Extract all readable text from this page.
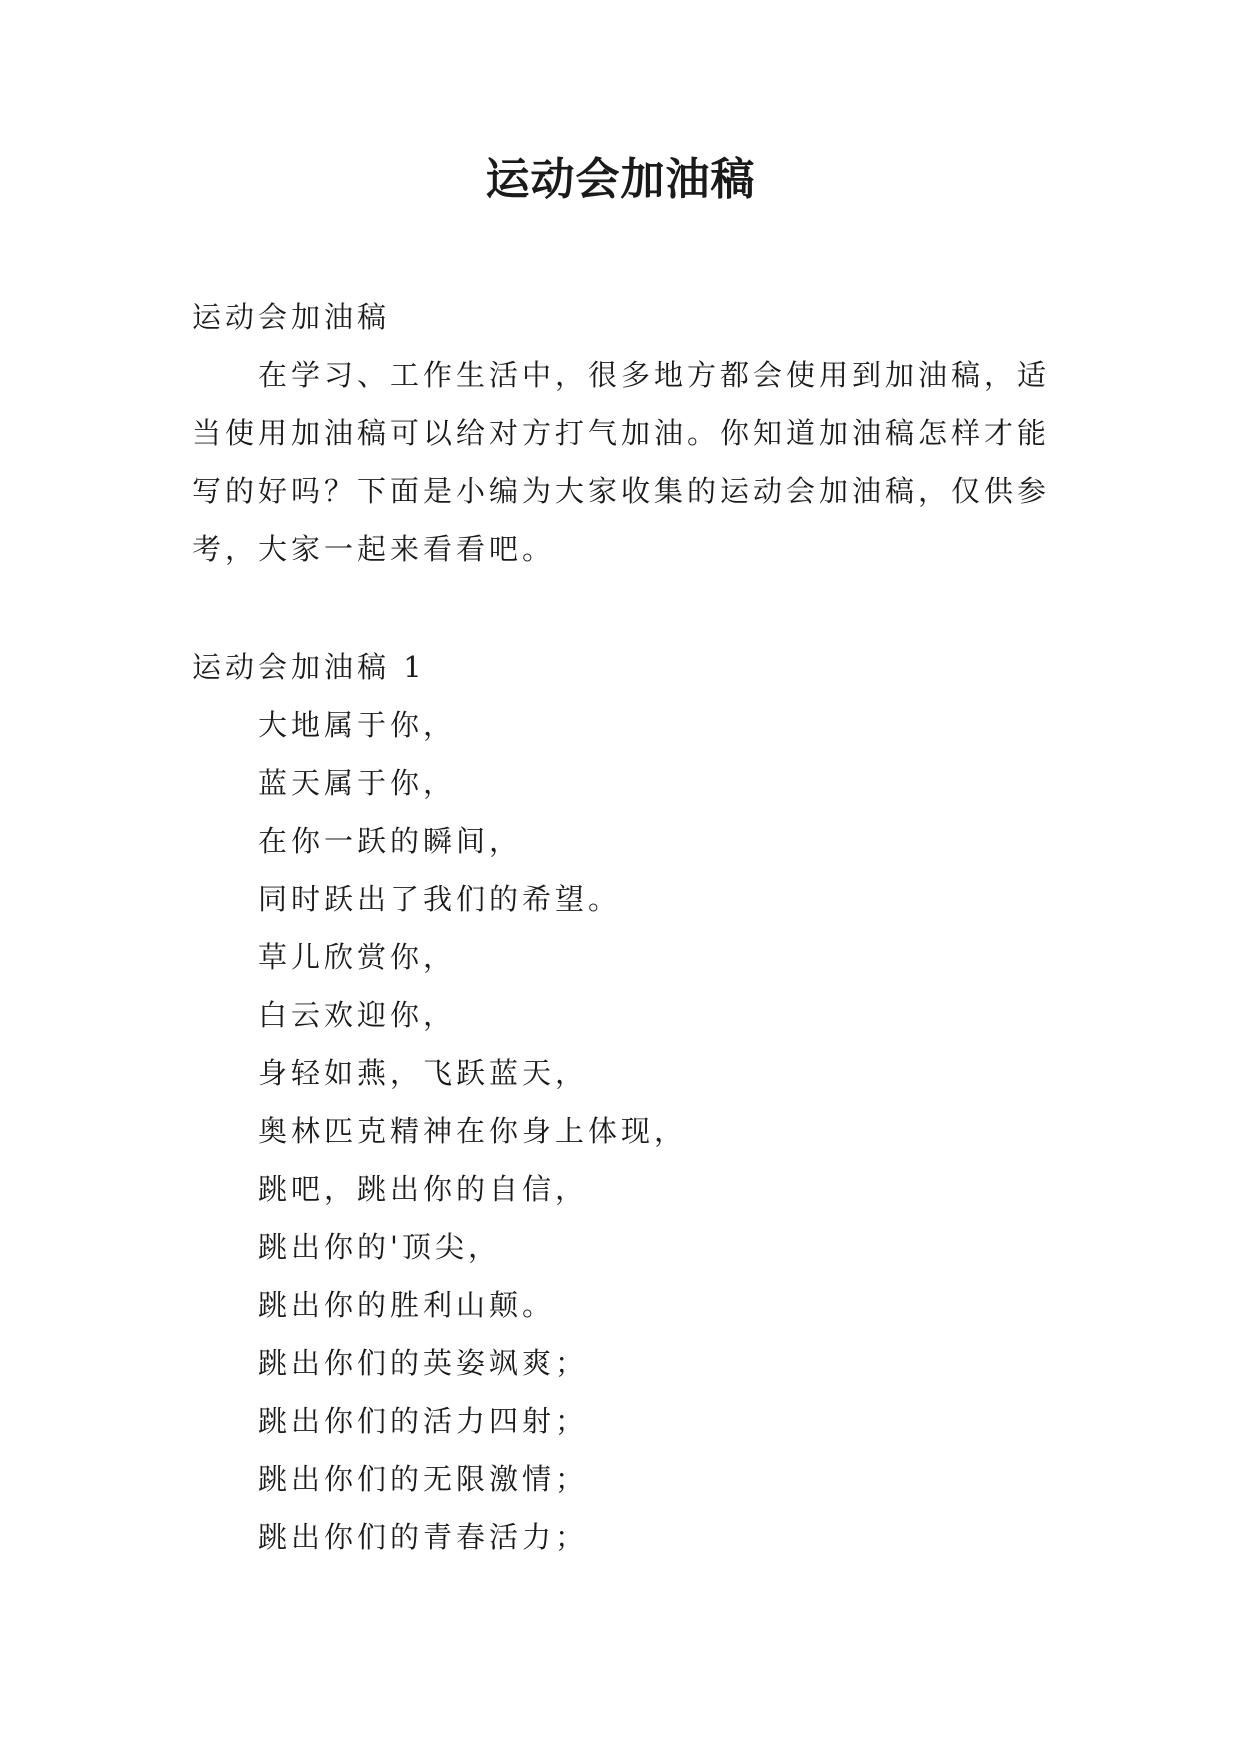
运动会加油稿

运动会加油稿

在学习、工作生活中，很多地方都会使用到加油稿，适当使用加油稿可以给对方打气加油。你知道加油稿怎样才能写的好吗？下面是小编为大家收集的运动会加油稿，仅供参考，大家一起来看看吧。

运动会加油稿 1

大地属于你，
蓝天属于你，
在你一跃的瞬间，
同时跃出了我们的希望。
草儿欣赏你，
白云欢迎你，
身轻如燕，飞跃蓝天，
奥林匹克精神在你身上体现，
跳吧，跳出你的自信，
跳出你的'顶尖，
跳出你的胜利山颠。
跳出你们的英姿飒爽；
跳出你们的活力四射；
跳出你们的无限激情；
跳出你们的青春活力；
